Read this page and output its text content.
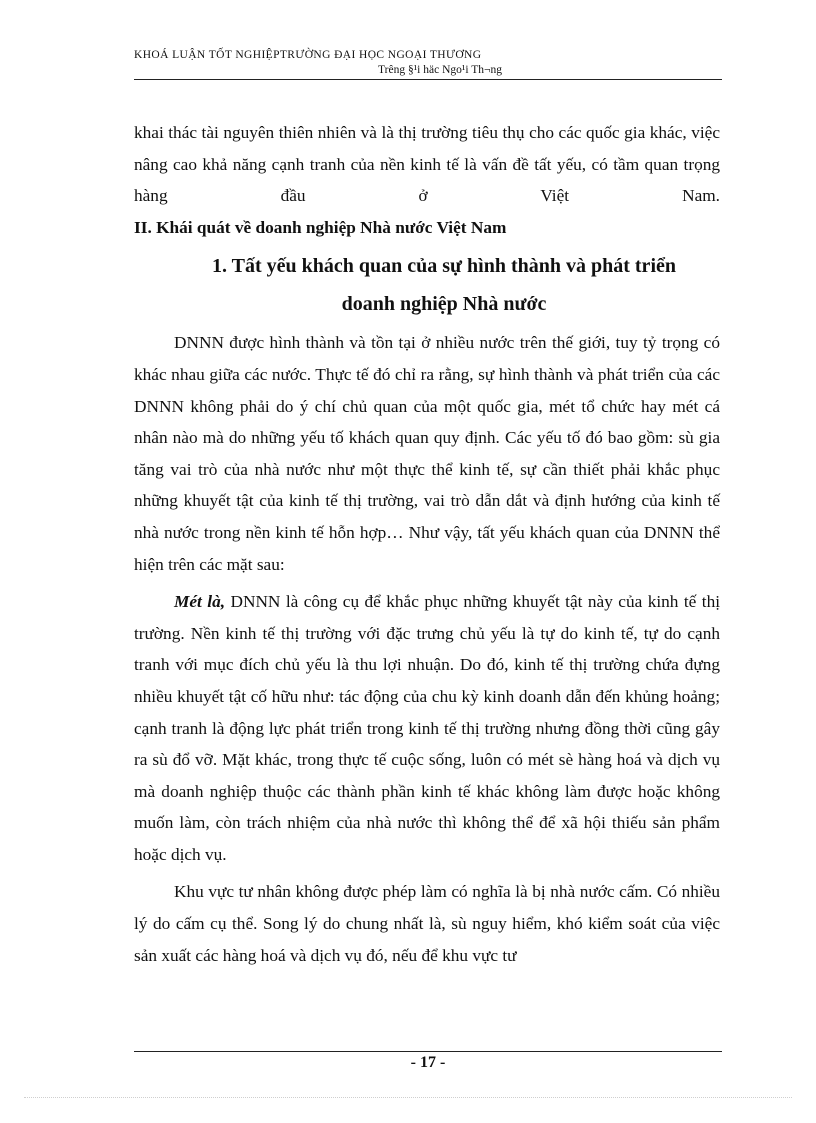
KHOÁ LUẬN TỐT NGHIỆPTRƯỜNG ĐẠI HỌC NGOẠI THƯƠNG
Trêng §¹i häc Ngo¹i Th¬ng

khai thác tài nguyên thiên nhiên và là thị trường tiêu thụ cho các quốc gia khác, việc nâng cao khả năng cạnh tranh của nền kinh tế là vấn đề tất yếu, có tầm quan trọng hàng đầu ở Việt Nam.

II. Khái quát về doanh nghiệp Nhà nước Việt Nam
1. Tất yếu khách quan của sự hình thành và phát triển
doanh nghiệp Nhà nước

DNNN được hình thành và tồn tại ở nhiều nước trên thế giới, tuy tỷ trọng có khác nhau giữa các nước. Thực tế đó chỉ ra rằng, sự hình thành và phát triển của các DNNN không phải do ý chí chủ quan của một quốc gia, mét tổ chức hay mét cá nhân nào mà do những yếu tố khách quan quy định. Các yếu tố đó bao gồm: sù gia tăng vai trò của nhà nước như một thực thể kinh tế, sự cần thiết phải khắc phục những khuyết tật của kinh tế thị trường, vai trò dẫn dắt và định hướng của kinh tế nhà nước trong nền kinh tế hỗn hợp… Như vậy, tất yếu khách quan của DNNN thể hiện trên các mặt sau:

Mét là, DNNN là công cụ để khắc phục những khuyết tật này của kinh tế thị trường. Nền kinh tế thị trường với đặc trưng chủ yếu là tự do kinh tế, tự do cạnh tranh với mục đích chủ yếu là thu lợi nhuận. Do đó, kinh tế thị trường chứa đựng nhiều khuyết tật cố hữu như: tác động của chu kỳ kinh doanh dẫn đến khủng hoảng; cạnh tranh là động lực phát triển trong kinh tế thị trường nhưng đồng thời cũng gây ra sù đổ vỡ. Mặt khác, trong thực tế cuộc sống, luôn có mét sè hàng hoá và dịch vụ mà doanh nghiệp thuộc các thành phần kinh tế khác không làm được hoặc không muốn làm, còn trách nhiệm của nhà nước thì không thể để xã hội thiếu sản phẩm hoặc dịch vụ.

Khu vực tư nhân không được phép làm có nghĩa là bị nhà nước cấm. Có nhiều lý do cấm cụ thể. Song lý do chung nhất là, sù nguy hiểm, khó kiểm soát của việc sản xuất các hàng hoá và dịch vụ đó, nếu để khu vực tư

- 17 -
